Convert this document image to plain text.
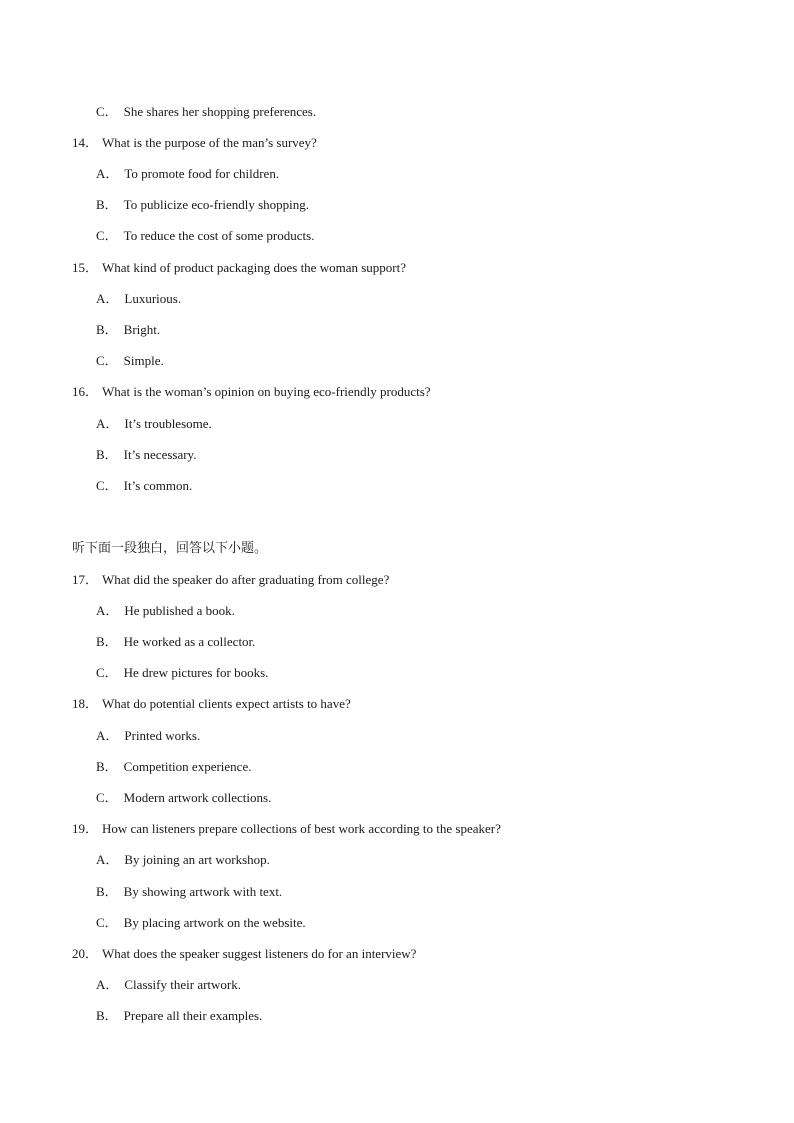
C． She shares her shopping preferences.
14． What is the purpose of the man’s survey?
A． To promote food for children.
B． To publicize eco-friendly shopping.
C． To reduce the cost of some products.
15． What kind of product packaging does the woman support?
A． Luxurious.
B． Bright.
C． Simple.
16． What is the woman’s opinion on buying eco-friendly products?
A． It’s troublesome.
B． It’s necessary.
C． It’s common.
听下面一段独白，回答以下小题。
17． What did the speaker do after graduating from college?
A． He published a book.
B． He worked as a collector.
C． He drew pictures for books.
18． What do potential clients expect artists to have?
A． Printed works.
B． Competition experience.
C． Modern artwork collections.
19． How can listeners prepare collections of best work according to the speaker?
A． By joining an art workshop.
B． By showing artwork with text.
C． By placing artwork on the website.
20． What does the speaker suggest listeners do for an interview?
A． Classify their artwork.
B． Prepare all their examples.
